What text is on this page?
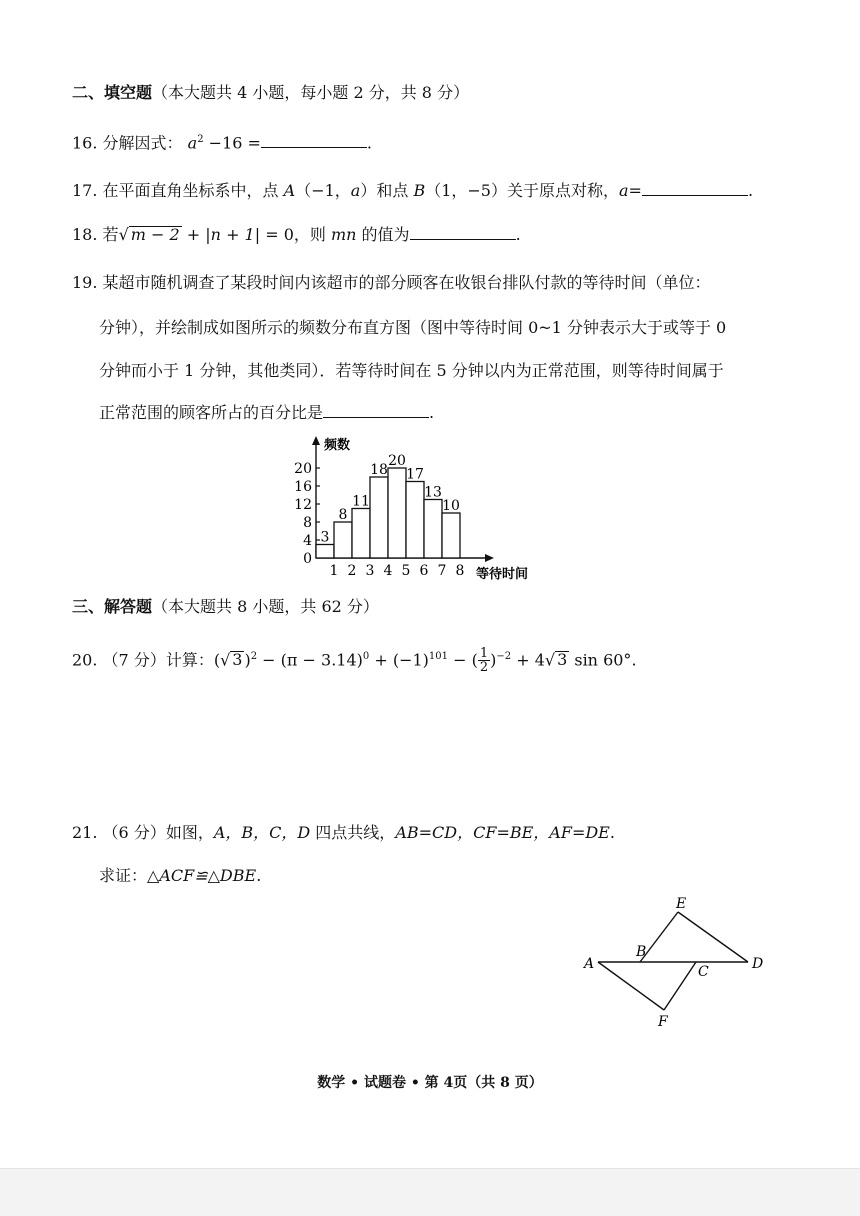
二、填空题（本大题共 4 小题，每小题 2 分，共 8 分）
16. 分解因式： $a^2 -16$ =	.
17. 在平面直角坐标系中，点 A（−1，a）和点 B（1，−5）关于原点对称，a=	.
18. 若√ m − 2 + |n + 1| = 0，则 mn 的值为	.
19. 某超市随机调查了某段时间内该超市的部分顾客在收银台排队付款的等待时间（单位：
分钟），并绘制成如图所示的频数分布直方图（图中等待时间 0~1 分钟表示大于或等于 0
分钟而小于 1 分钟，其他类同）．若等待时间在 5 分钟以内为正常范围，则等待时间属于
正常范围的顾客所占的百分比是	.
频数
等待时间
0
4
8
12
16
20
3
8
11
18
20
17
13
10
1 2 3 4 5 6 7 8
三、解答题（本大题共 8 小题，共 62 分）
20. （7 分）计算：(√ 3 )$^2 - (\pi - 3.14)^0 + (-1)^{101}$ − ( $\frac{1}{2} )^{-2} + 4√$ 3 sin 60°.
21. （6 分）如图，A，B，C，D 四点共线，AB=CD，CF=BE，AF=DE.
求证：△ACF≌△DBE.
A
B
C	D
E
F
数学 • 试题卷 • 第 4页（共 8 页）
